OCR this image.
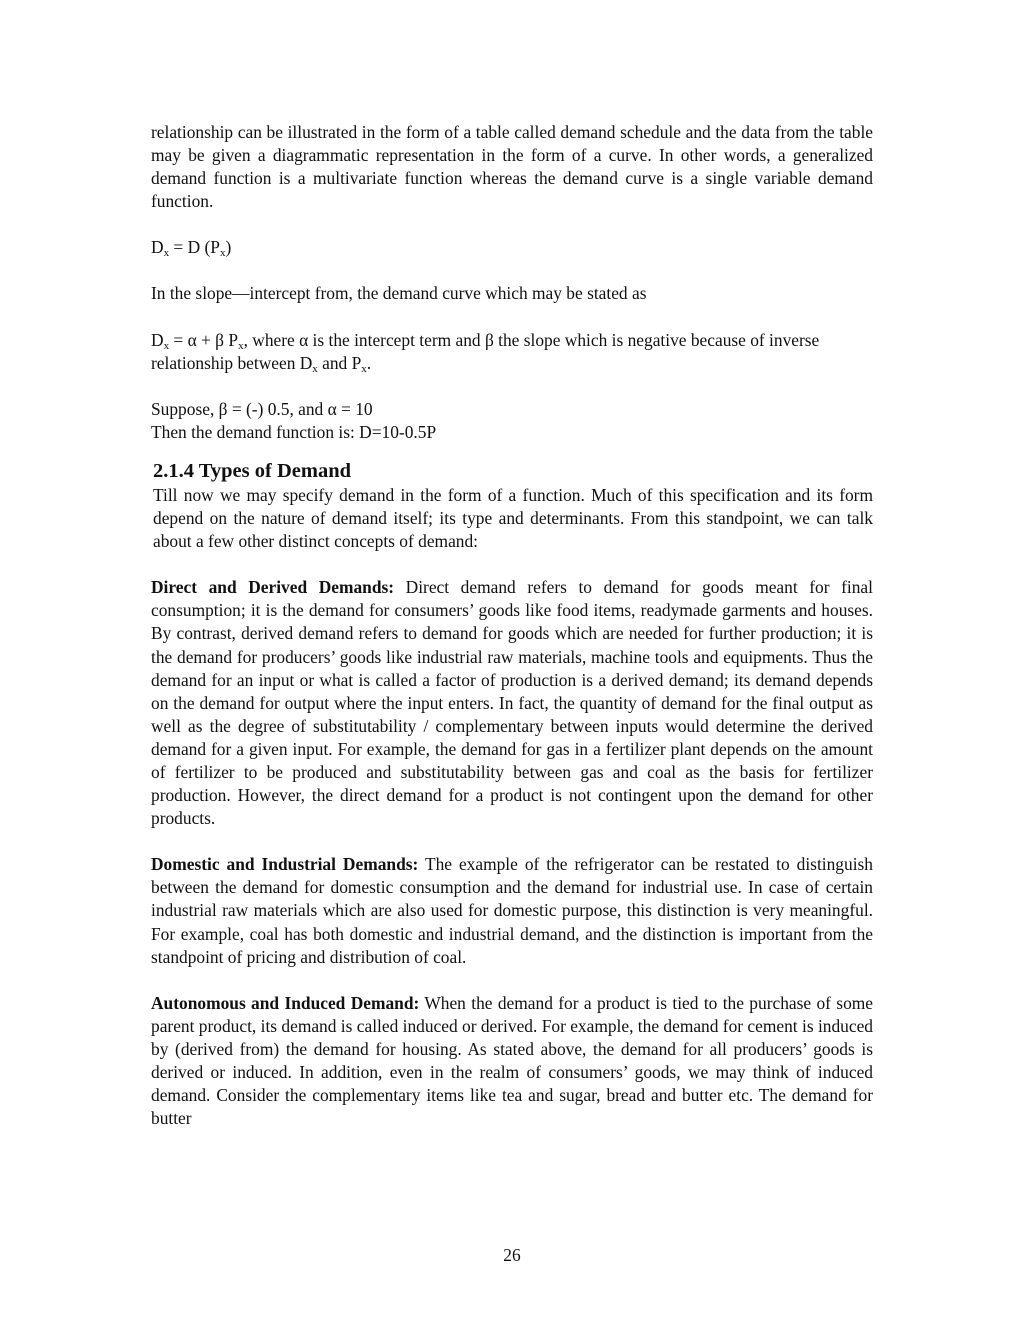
relationship can be illustrated in the form of a table called demand schedule and the data from the table may be given a diagrammatic representation in the form of a curve. In other words, a generalized demand function is a multivariate function whereas the demand curve is a single variable demand function.

$D_x = D$ $(P_x)$

In the slope—intercept from, the demand curve which may be stated as

$D_x = \alpha + \beta$ $P_x$, where α is the intercept term and β the slope which is negative because of inverse relationship between $D_x$ and $P_x$.

Suppose, β = (-) 0.5, and α = 10

Then the demand function is: D=10-0.5P

2.1.4 Types of Demand

Till now we may specify demand in the form of a function. Much of this specification and its form depend on the nature of demand itself; its type and determinants. From this standpoint, we can talk about a few other distinct concepts of demand:

Direct and Derived Demands: Direct demand refers to demand for goods meant for final consumption; it is the demand for consumers’ goods like food items, readymade garments and houses. By contrast, derived demand refers to demand for goods which are needed for further production; it is the demand for producers’ goods like industrial raw materials, machine tools and equipments. Thus the demand for an input or what is called a factor of production is a derived demand; its demand depends on the demand for output where the input enters. In fact, the quantity of demand for the final output as well as the degree of substitutability / complementary between inputs would determine the derived demand for a given input. For example, the demand for gas in a fertilizer plant depends on the amount of fertilizer to be produced and substitutability between gas and coal as the basis for fertilizer production. However, the direct demand for a product is not contingent upon the demand for other products.

Domestic and Industrial Demands: The example of the refrigerator can be restated to distinguish between the demand for domestic consumption and the demand for industrial use. In case of certain industrial raw materials which are also used for domestic purpose, this distinction is very meaningful. For example, coal has both domestic and industrial demand, and the distinction is important from the standpoint of pricing and distribution of coal.

Autonomous and Induced Demand: When the demand for a product is tied to the purchase of some parent product, its demand is called induced or derived. For example, the demand for cement is induced by (derived from) the demand for housing. As stated above, the demand for all producers’ goods is derived or induced. In addition, even in the realm of consumers’ goods, we may think of induced demand. Consider the complementary items like tea and sugar, bread and butter etc. The demand for butter

26
